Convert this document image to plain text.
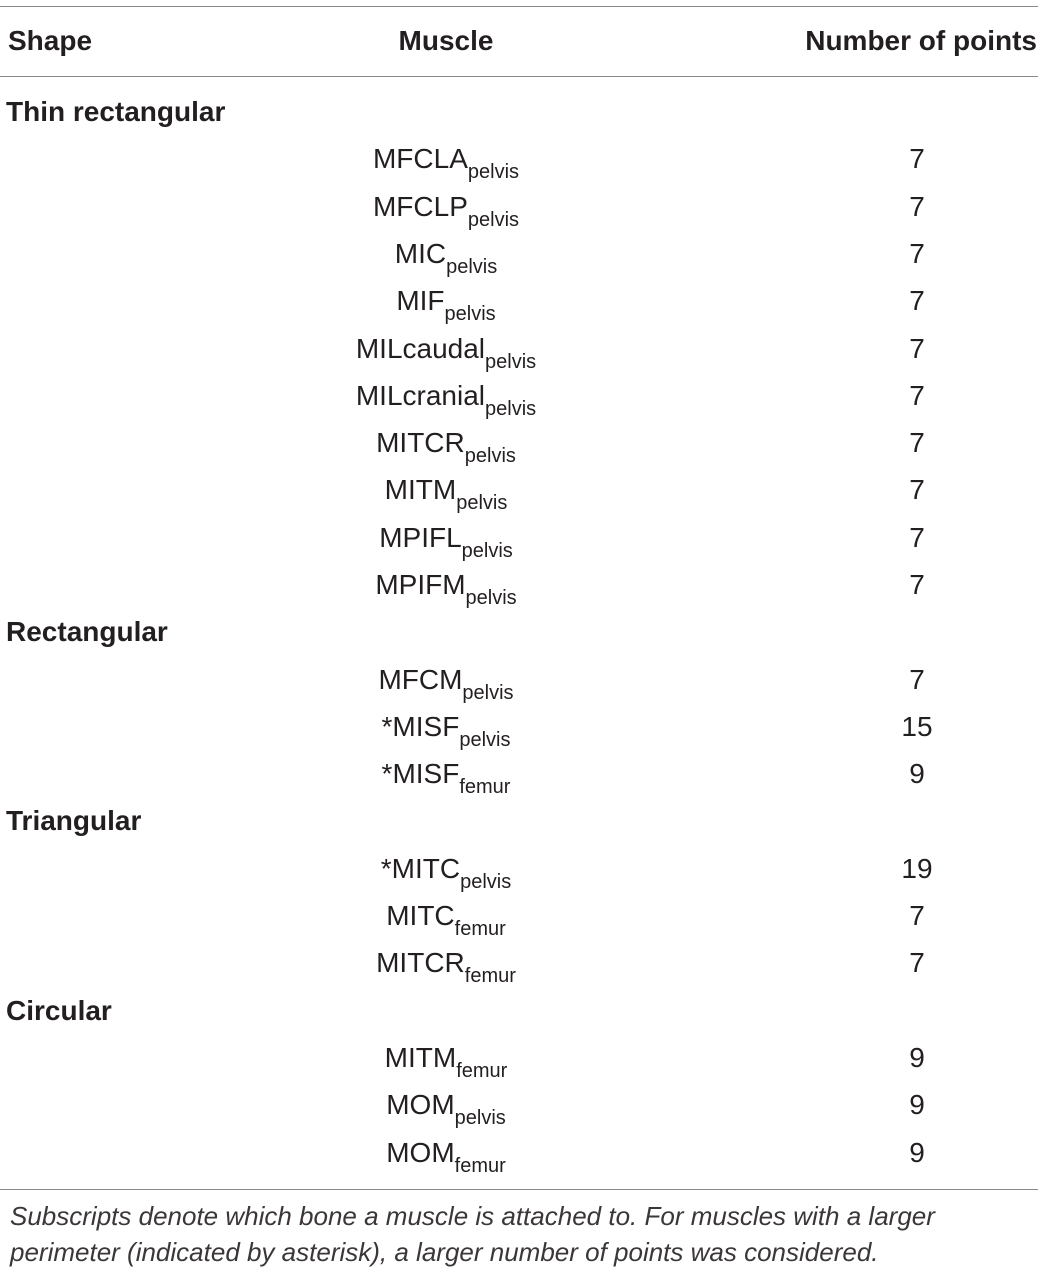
Shape	Muscle	Number of points
Thin rectangular
$MFCLA_{pelvis}$	7
$MFCLP_{pelvis}$	7
$MIC_{pelvis}$	7
$MIF_{pelvis}$	7
MILcaudal$_{pelvis}$	7
MILcranial$_{pelvis}$	7
$MITCR_{pelvis}$	7
$MITM_{pelvis}$	7
$MPIFL_{pelvis}$	7
$MPIFM_{pelvis}$	7
Rectangular
$MFCM_{pelvis}$	7
$*MISF_{pelvis}$	15
$*MISF_{femur}$	9
Triangular
$*MITC_{pelvis}$	19
$MITC_{femur}$	7
$MITCR_{femur}$	7
Circular
$MITM_{femur}$	9
$MOM_{pelvis}$	9
$MOM_{femur}$	9
Subscripts denote which bone a muscle is attached to. For muscles with a larger perimeter (indicated by asterisk), a larger number of points was considered.
